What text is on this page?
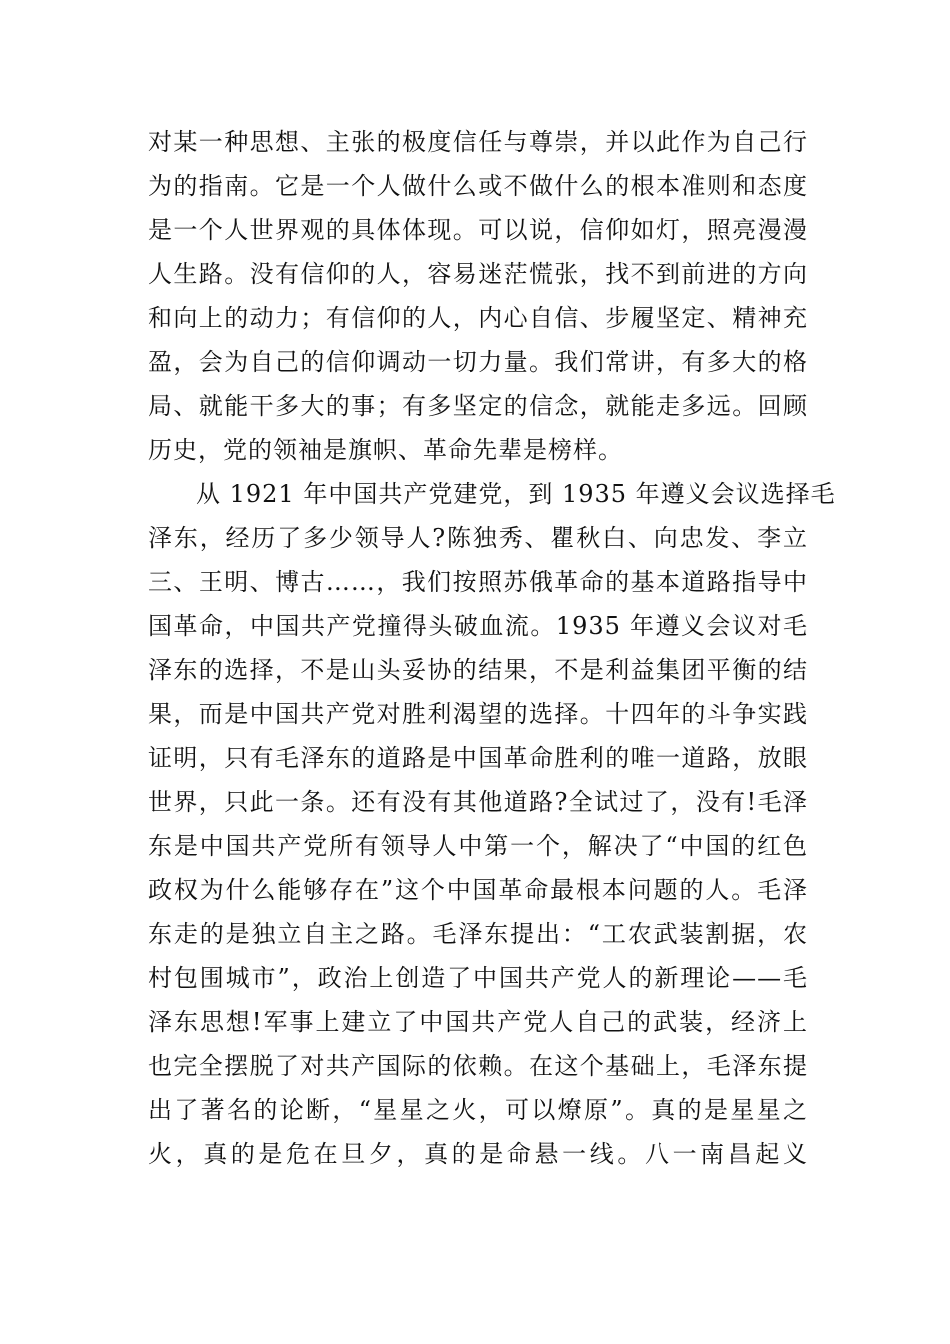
对某一种思想、主张的极度信任与尊崇，并以此作为自己行
为的指南。它是一个人做什么或不做什么的根本准则和态度
是一个人世界观的具体体现。可以说，信仰如灯，照亮漫漫
人生路。没有信仰的人，容易迷茫慌张，找不到前进的方向
和向上的动力；有信仰的人，内心自信、步履坚定、精神充
盈，会为自己的信仰调动一切力量。我们常讲，有多大的格
局、就能干多大的事；有多坚定的信念，就能走多远。回顾
历史，党的领袖是旗帜、革命先辈是榜样。
从 1921 年中国共产党建党，到 1935 年遵义会议选择毛
泽东，经历了多少领导人?陈独秀、瞿秋白、向忠发、李立
三、王明、博古……，我们按照苏俄革命的基本道路指导中
国革命，中国共产党撞得头破血流。1935 年遵义会议对毛
泽东的选择，不是山头妥协的结果，不是利益集团平衡的结
果，而是中国共产党对胜利渴望的选择。十四年的斗争实践
证明，只有毛泽东的道路是中国革命胜利的唯一道路，放眼
世界，只此一条。还有没有其他道路?全试过了，没有!毛泽
东是中国共产党所有领导人中第一个，解决了“中国的红色
政权为什么能够存在”这个中国革命最根本问题的人。毛泽
东走的是独立自主之路。毛泽东提出：“工农武装割据，农
村包围城市”，政治上创造了中国共产党人的新理论——毛
泽东思想!军事上建立了中国共产党人自己的武装，经济上
也完全摆脱了对共产国际的依赖。在这个基础上，毛泽东提
出了著名的论断，“星星之火，可以燎原”。真的是星星之
火，真的是危在旦夕，真的是命悬一线。八一南昌起义
